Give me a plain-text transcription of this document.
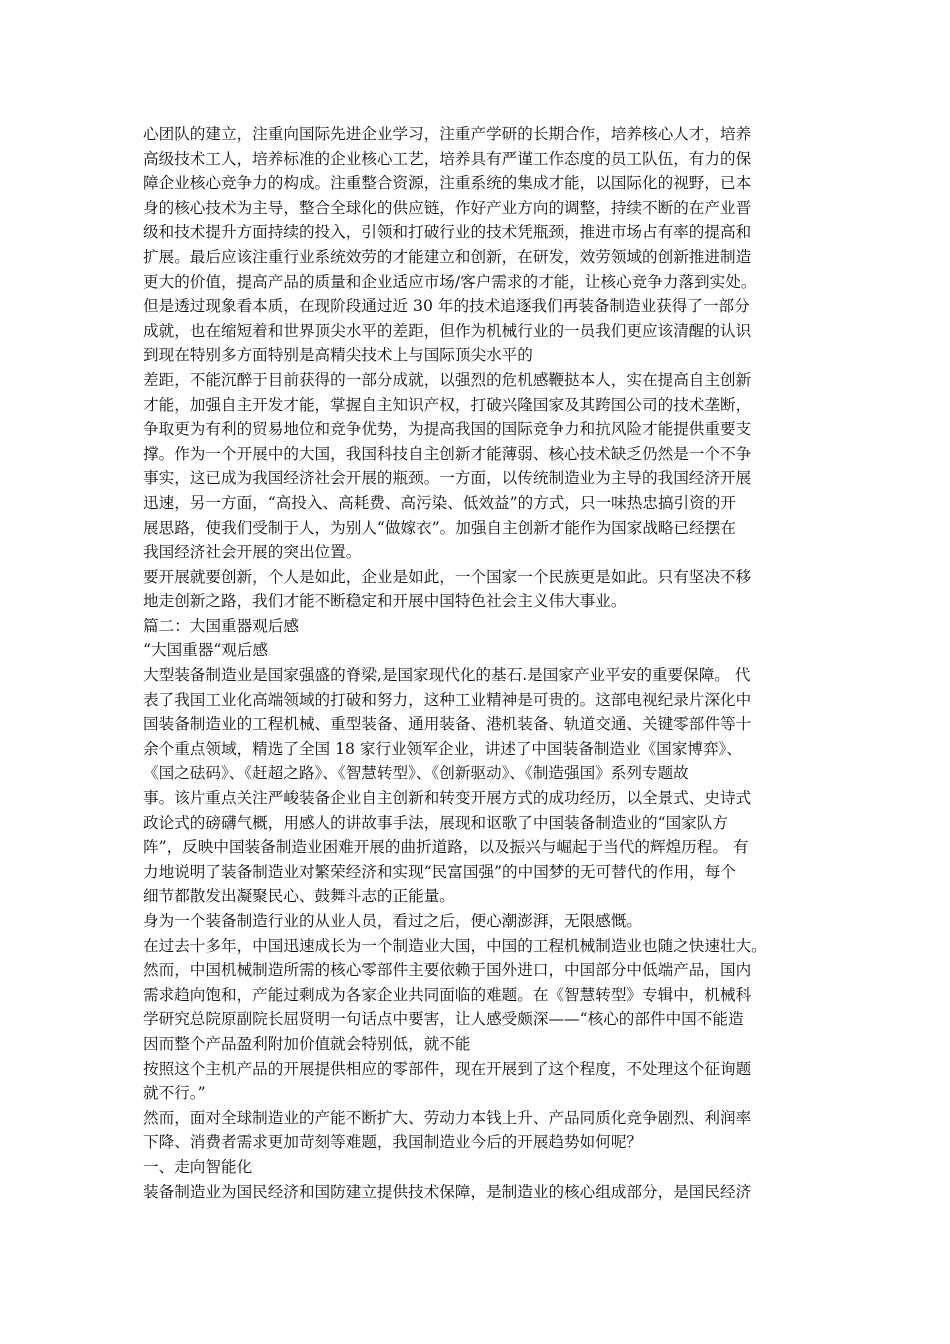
心团队的建立，注重向国际先进企业学习，注重产学研的长期合作，培养核心人才，培养
高级技术工人，培养标准的企业核心工艺，培养具有严谨工作态度的员工队伍，有力的保
障企业核心竞争力的构成。注重整合资源，注重系统的集成才能，以国际化的视野，已本
身的核心技术为主导，整合全球化的供应链，作好产业方向的调整，持续不断的在产业晋
级和技术提升方面持续的投入，引领和打破行业的技术凭瓶颈，推进市场占有率的提高和
扩展。最后应该注重行业系统效劳的才能建立和创新，在研发，效劳领域的创新推进制造
更大的价值，提高产品的质量和企业适应市场/客户需求的才能，让核心竞争力落到实处。
但是透过现象看本质，在现阶段通过近 30 年的技术追逐我们再装备制造业获得了一部分
成就，也在缩短着和世界顶尖水平的差距，但作为机械行业的一员我们更应该清醒的认识
到现在特别多方面特别是高精尖技术上与国际顶尖水平的
差距，不能沉醉于目前获得的一部分成就，以强烈的危机感鞭挞本人，实在提高自主创新
才能，加强自主开发才能，掌握自主知识产权，打破兴隆国家及其跨国公司的技术垄断，
争取更为有利的贸易地位和竞争优势，为提高我国的国际竞争力和抗风险才能提供重要支
撑。作为一个开展中的大国，我国科技自主创新才能薄弱、核心技术缺乏仍然是一个不争
事实，这已成为我国经济社会开展的瓶颈。一方面，以传统制造业为主导的我国经济开展
迅速，另一方面，“高投入、高耗费、高污染、低效益”的方式，只一味热忠搞引资的开
展思路，使我们受制于人，为别人“做嫁衣”。加强自主创新才能作为国家战略已经摆在
我国经济社会开展的突出位置。
要开展就要创新，个人是如此，企业是如此，一个国家一个民族更是如此。只有坚决不移
地走创新之路，我们才能不断稳定和开展中国特色社会主义伟大事业。
篇二：大国重器观后感
“大国重器“观后感
大型装备制造业是国家强盛的脊梁,是国家现代化的基石.是国家产业平安的重要保障。 代
表了我国工业化高端领域的打破和努力，这种工业精神是可贵的。这部电视纪录片深化中
国装备制造业的工程机械、重型装备、通用装备、港机装备、轨道交通、关键零部件等十
余个重点领域，精选了全国 18 家行业领军企业，讲述了中国装备制造业《国家博弈》、
《国之砝码》、《赶超之路》、《智慧转型》、《创新驱动》、《制造强国》系列专题故
事。该片重点关注严峻装备企业自主创新和转变开展方式的成功经历，以全景式、史诗式
政论式的磅礴气概，用感人的讲故事手法，展现和讴歌了中国装备制造业的“国家队方
阵”，反映中国装备制造业困难开展的曲折道路，以及振兴与崛起于当代的辉煌历程。 有
力地说明了装备制造业对繁荣经济和实现“民富国强”的中国梦的无可替代的作用，每个
细节都散发出凝聚民心、鼓舞斗志的正能量。
身为一个装备制造行业的从业人员，看过之后，便心潮澎湃，无限感慨。
在过去十多年，中国迅速成长为一个制造业大国，中国的工程机械制造业也随之快速壮大。
然而，中国机械制造所需的核心零部件主要依赖于国外进口，中国部分中低端产品，国内
需求趋向饱和，产能过剩成为各家企业共同面临的难题。在《智慧转型》专辑中，机械科
学研究总院原副院长屈贤明一句话点中要害，让人感受颇深——“核心的部件中国不能造
因而整个产品盈利附加价值就会特别低，就不能
按照这个主机产品的开展提供相应的零部件，现在开展到了这个程度，不处理这个征询题
就不行。”
然而，面对全球制造业的产能不断扩大、劳动力本钱上升、产品同质化竞争剧烈、利润率
下降、消费者需求更加苛刻等难题，我国制造业今后的开展趋势如何呢？
一、走向智能化
装备制造业为国民经济和国防建立提供技术保障，是制造业的核心组成部分，是国民经济
